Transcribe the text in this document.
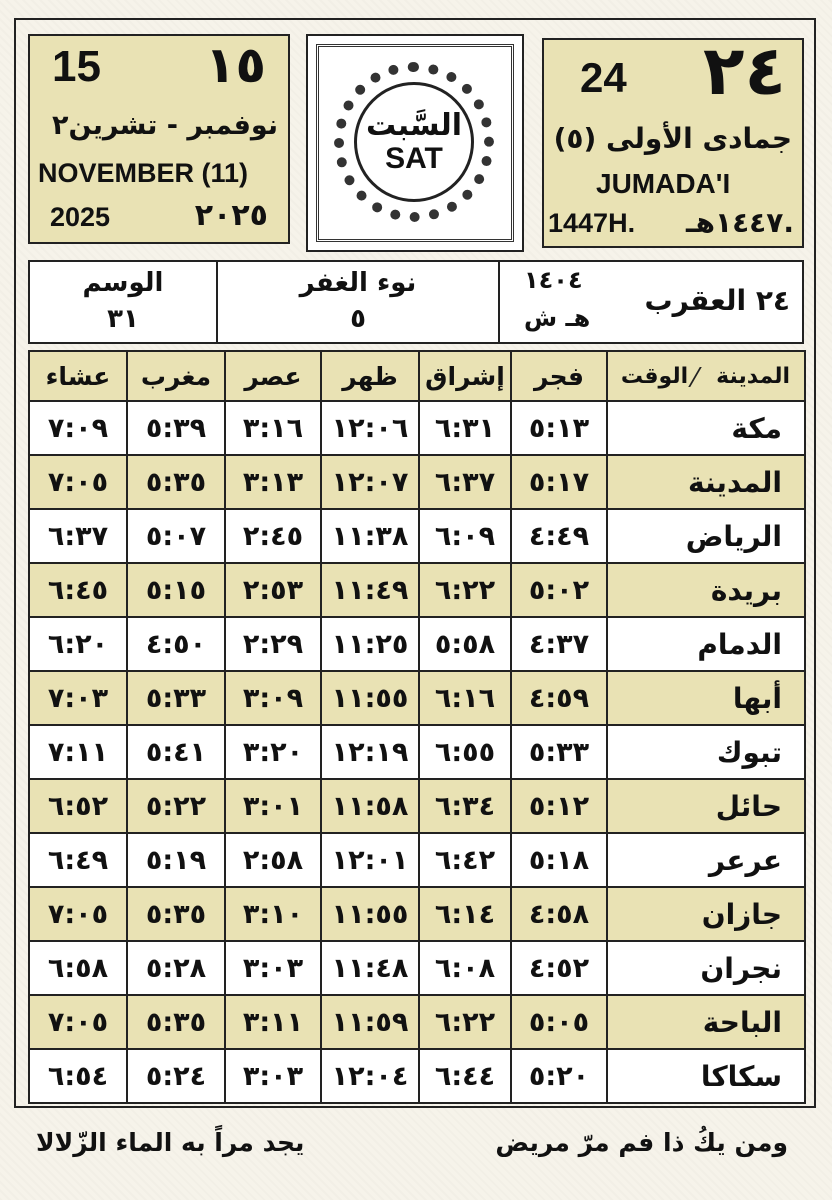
15 ١٥
نوفمبر - تشرين٢
NOVEMBER (11)
2025	٢٠٢٥
السَّبت
SAT
24 ٢٤
جمادى الأولى (٥)
JUMADA'I
1447H. ١٤٤٧هـ.
الوسم
٣١
نوء الغفر
٥
١٤٠٤
هـ ش
٢٤ العقرب
المدينةالوقت	فجر	إشراق	ظهر	عصر	مغرب	عشاء
مكة	٥:١٣	٦:٣١	١٢:٠٦	٣:١٦	٥:٣٩	٧:٠٩
المدينة	٥:١٧	٦:٣٧	١٢:٠٧	٣:١٣	٥:٣٥	٧:٠٥
الرياض	٤:٤٩	٦:٠٩	١١:٣٨	٢:٤٥	٥:٠٧	٦:٣٧
بريدة	٥:٠٢	٦:٢٢	١١:٤٩	٢:٥٣	٥:١٥	٦:٤٥
الدمام	٤:٣٧	٥:٥٨	١١:٢٥	٢:٢٩	٤:٥٠	٦:٢٠
أبها	٤:٥٩	٦:١٦	١١:٥٥	٣:٠٩	٥:٣٣	٧:٠٣
تبوك	٥:٣٣	٦:٥٥	١٢:١٩	٣:٢٠	٥:٤١	٧:١١
حائل	٥:١٢	٦:٣٤	١١:٥٨	٣:٠١	٥:٢٢	٦:٥٢
عرعر	٥:١٨	٦:٤٢	١٢:٠١	٢:٥٨	٥:١٩	٦:٤٩
جازان	٤:٥٨	٦:١٤	١١:٥٥	٣:١٠	٥:٣٥	٧:٠٥
نجران	٤:٥٢	٦:٠٨	١١:٤٨	٣:٠٣	٥:٢٨	٦:٥٨
الباحة	٥:٠٥	٦:٢٢	١١:٥٩	٣:١١	٥:٣٥	٧:٠٥
سكاكا	٥:٢٠	٦:٤٤	١٢:٠٤	٣:٠٣	٥:٢٤	٦:٥٤
ومن يكُ ذا فم مرّ مريض
يجد مراً به الماء الزّلالا
